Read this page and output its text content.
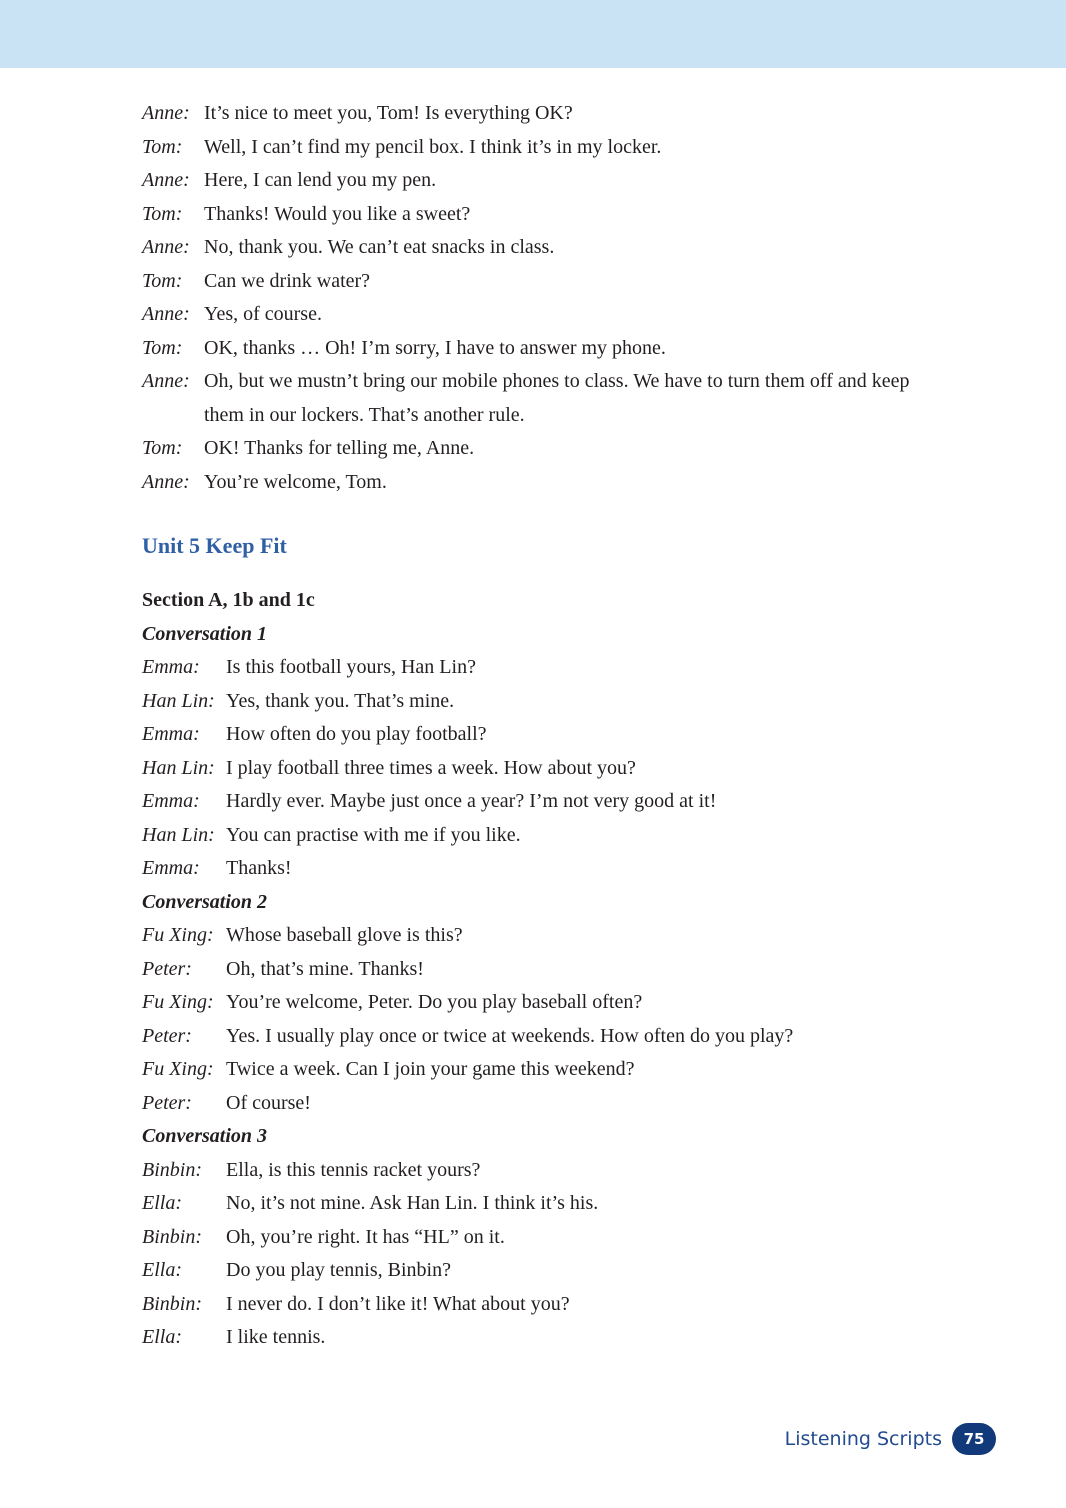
Anne: It’s nice to meet you, Tom! Is everything OK?
Tom: Well, I can’t find my pencil box. I think it’s in my locker.
Anne: Here, I can lend you my pen.
Tom: Thanks! Would you like a sweet?
Anne: No, thank you. We can’t eat snacks in class.
Tom: Can we drink water?
Anne: Yes, of course.
Tom: OK, thanks … Oh! I’m sorry, I have to answer my phone.
Anne: Oh, but we mustn’t bring our mobile phones to class. We have to turn them off and keep
them in our lockers. That’s another rule.
Tom: OK! Thanks for telling me, Anne.
Anne: You’re welcome, Tom.
Unit 5 Keep Fit
Section A, 1b and 1c
Conversation 1
Emma: Is this football yours, Han Lin?
Han Lin: Yes, thank you. That’s mine.
Emma: How often do you play football?
Han Lin: I play football three times a week. How about you?
Emma: Hardly ever. Maybe just once a year? I’m not very good at it!
Han Lin: You can practise with me if you like.
Emma: Thanks!
Conversation 2
Fu Xing: Whose baseball glove is this?
Peter: Oh, that’s mine. Thanks!
Fu Xing: You’re welcome, Peter. Do you play baseball often?
Peter: Yes. I usually play once or twice at weekends. How often do you play?
Fu Xing: Twice a week. Can I join your game this weekend?
Peter: Of course!
Conversation 3
Binbin: Ella, is this tennis racket yours?
Ella: No, it’s not mine. Ask Han Lin. I think it’s his.
Binbin: Oh, you’re right. It has “HL” on it.
Ella: Do you play tennis, Binbin?
Binbin: I never do. I don’t like it! What about you?
Ella: I like tennis.
Listening Scripts	75
